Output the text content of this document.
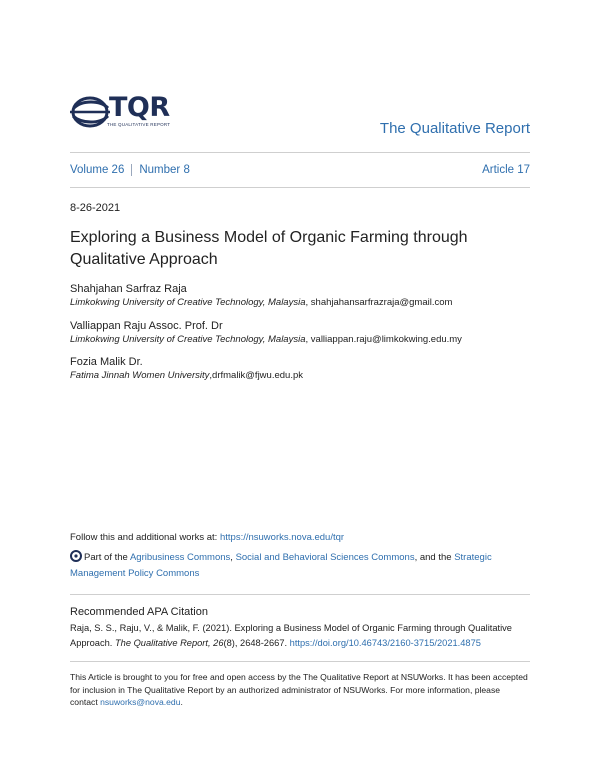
TQR
THE QUALITATIVE REPORT	The Qualitative Report
Volume 26 Number 8	Article 17
8-26-2021
Exploring a Business Model of Organic Farming through Qualitative Approach
Shahjahan Sarfraz Raja
Limkokwing University of Creative Technology, Malaysia, shahjahansarfrazraja@gmail.com
Valliappan Raju Assoc. Prof. Dr
Limkokwing University of Creative Technology, Malaysia, valliappan.raju@limkokwing.edu.my
Fozia Malik Dr.
Fatima Jinnah Women University,drfmalik@fjwu.edu.pk
Follow this and additional works at: https://nsuworks.nova.edu/tqr
Part of the Agribusiness Commons, Social and Behavioral Sciences Commons, and the Strategic Management Policy Commons
Recommended APA Citation
Raja, S. S., Raju, V., & Malik, F. (2021). Exploring a Business Model of Organic Farming through Qualitative Approach. The Qualitative Report, 26(8), 2648-2667. https://doi.org/10.46743/2160-3715/2021.4875
This Article is brought to you for free and open access by the The Qualitative Report at NSUWorks. It has been accepted for inclusion in The Qualitative Report by an authorized administrator of NSUWorks. For more information, please contact nsuworks@nova.edu.
